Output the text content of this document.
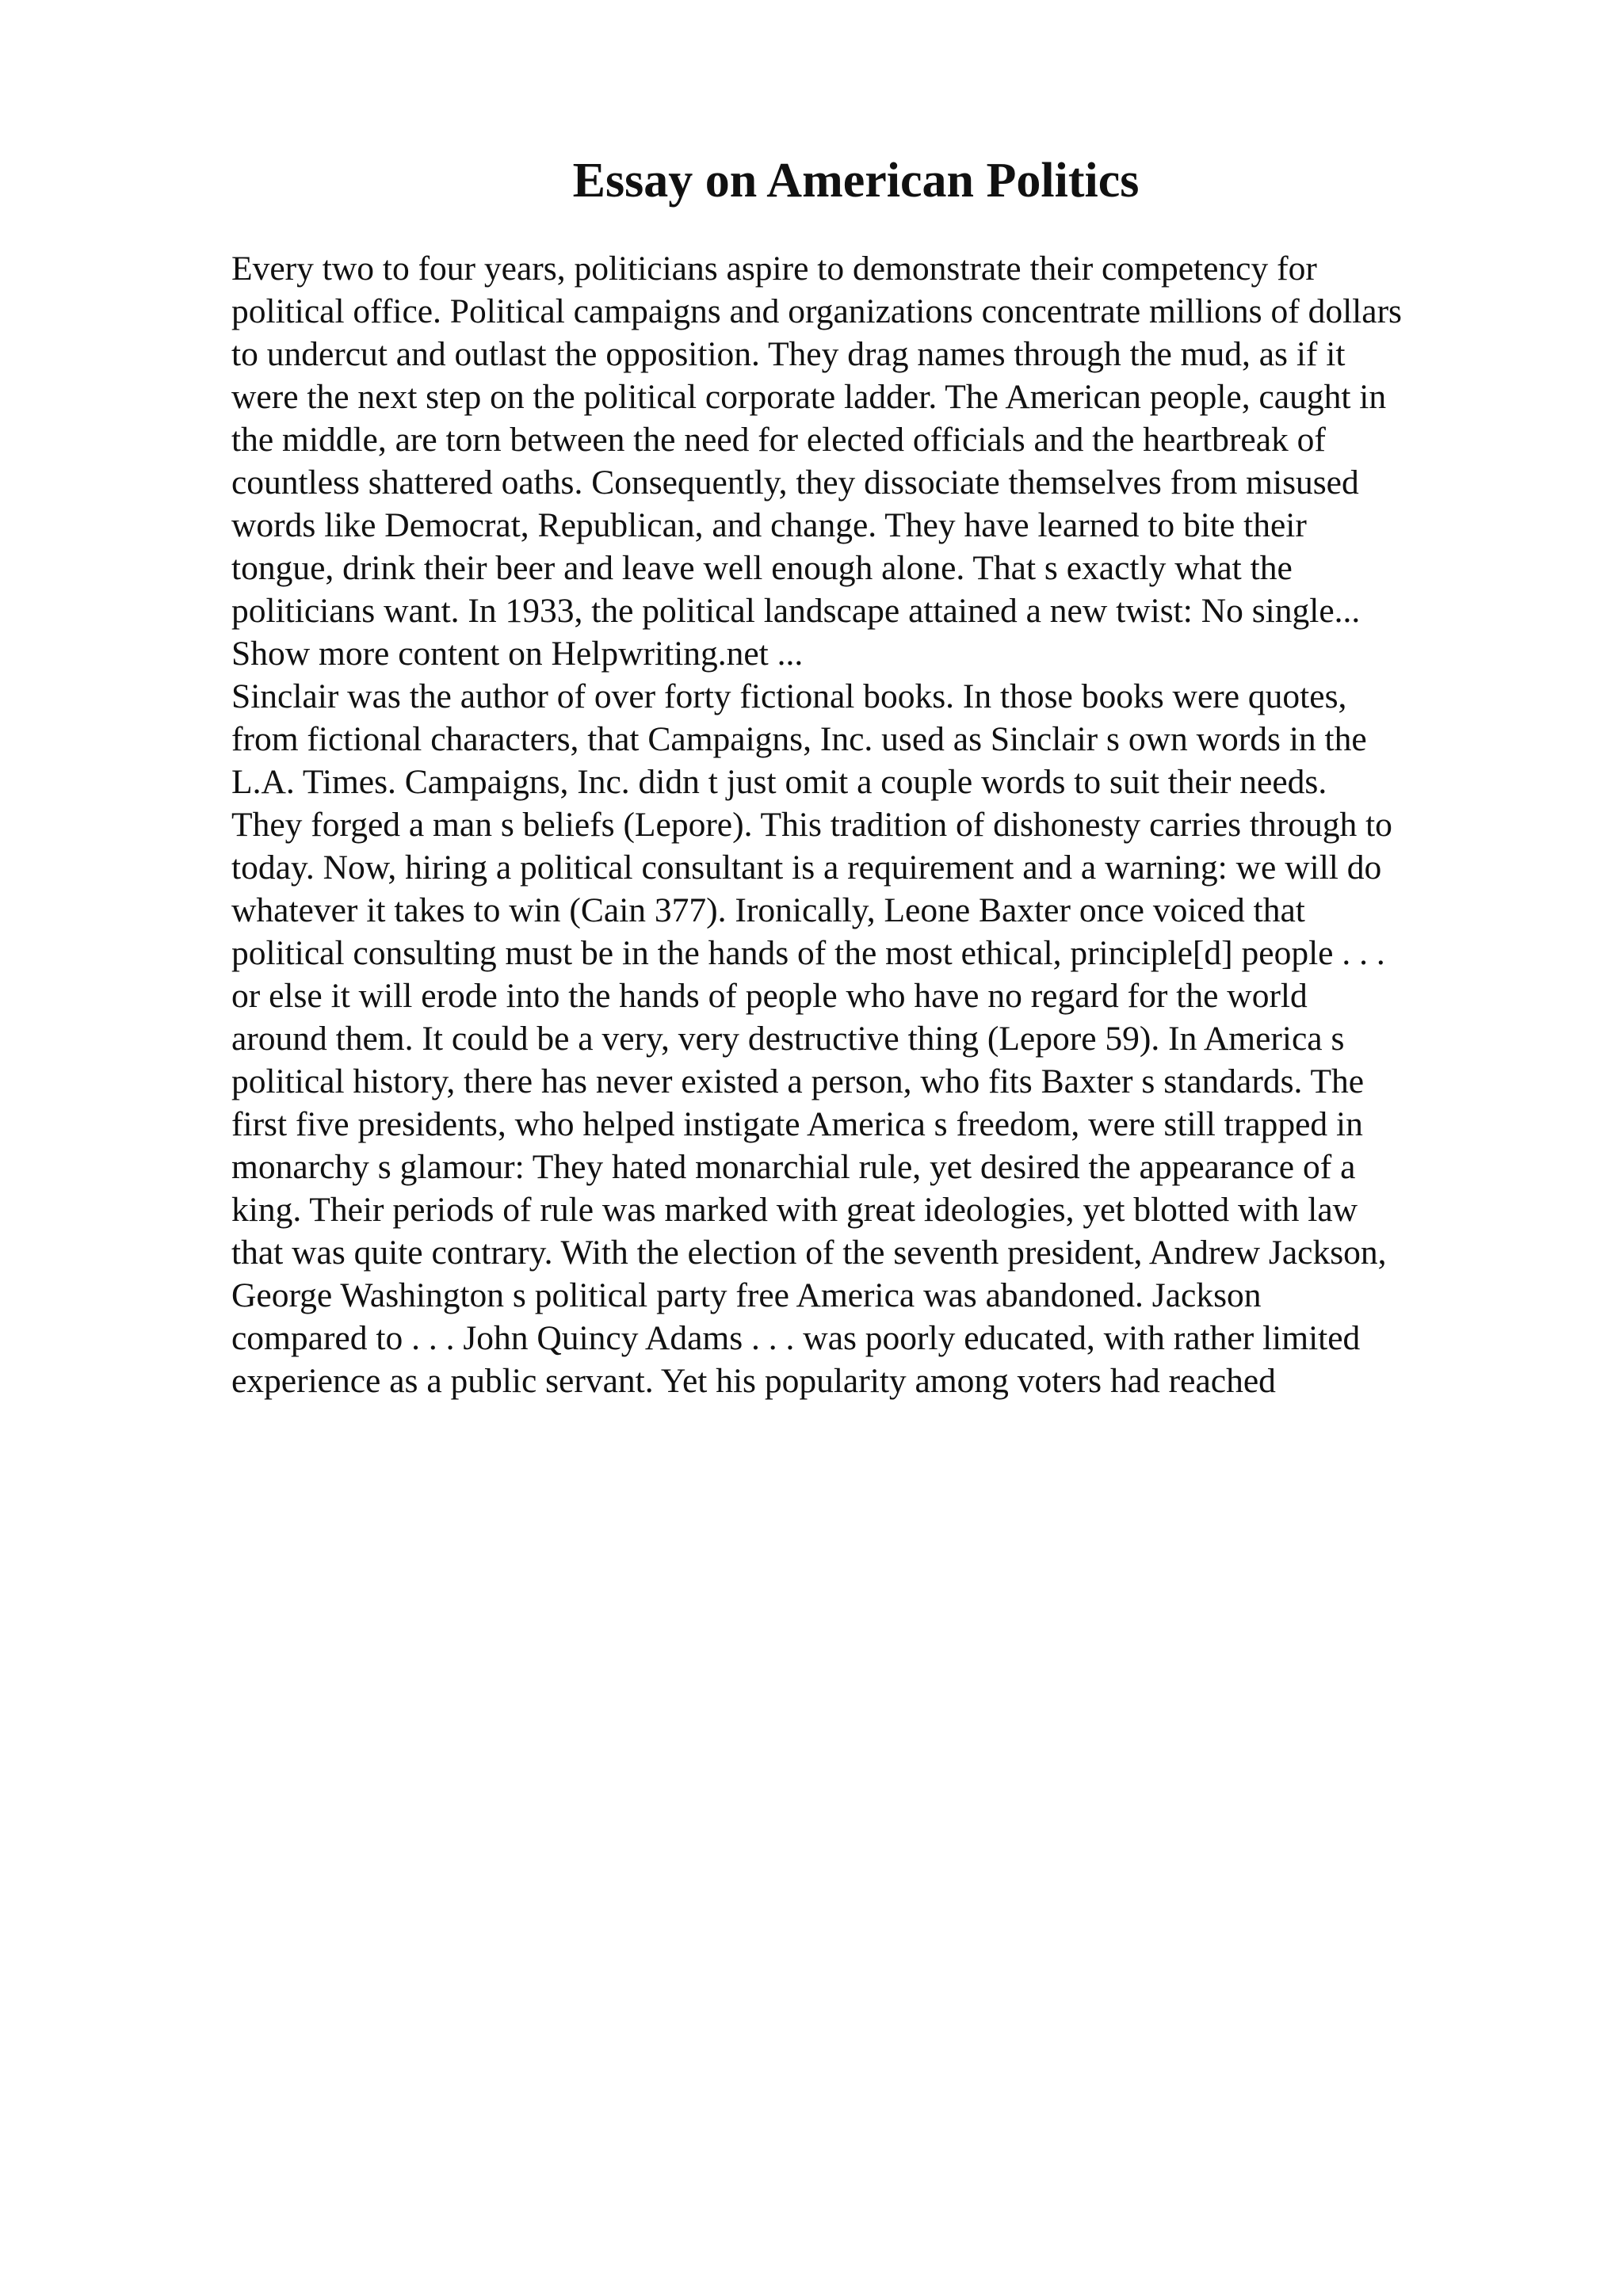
Essay on American Politics
Every two to four years, politicians aspire to demonstrate their competency for
political office. Political campaigns and organizations concentrate millions of dollars
to undercut and outlast the opposition. They drag names through the mud, as if it
were the next step on the political corporate ladder. The American people, caught in
the middle, are torn between the need for elected officials and the heartbreak of
countless shattered oaths. Consequently, they dissociate themselves from misused
words like Democrat, Republican, and change. They have learned to bite their
tongue, drink their beer and leave well enough alone. That s exactly what the
politicians want. In 1933, the political landscape attained a new twist: No single...
Show more content on Helpwriting.net ...
Sinclair was the author of over forty fictional books. In those books were quotes,
from fictional characters, that Campaigns, Inc. used as Sinclair s own words in the
L.A. Times. Campaigns, Inc. didn t just omit a couple words to suit their needs.
They forged a man s beliefs (Lepore). This tradition of dishonesty carries through to
today. Now, hiring a political consultant is a requirement and a warning: we will do
whatever it takes to win (Cain 377). Ironically, Leone Baxter once voiced that
political consulting must be in the hands of the most ethical, principle[d] people . . .
or else it will erode into the hands of people who have no regard for the world
around them. It could be a very, very destructive thing (Lepore 59). In America s
political history, there has never existed a person, who fits Baxter s standards. The
first five presidents, who helped instigate America s freedom, were still trapped in
monarchy s glamour: They hated monarchial rule, yet desired the appearance of a
king. Their periods of rule was marked with great ideologies, yet blotted with law
that was quite contrary. With the election of the seventh president, Andrew Jackson,
George Washington s political party free America was abandoned. Jackson
compared to . . . John Quincy Adams . . . was poorly educated, with rather limited
experience as a public servant. Yet his popularity among voters had reached
